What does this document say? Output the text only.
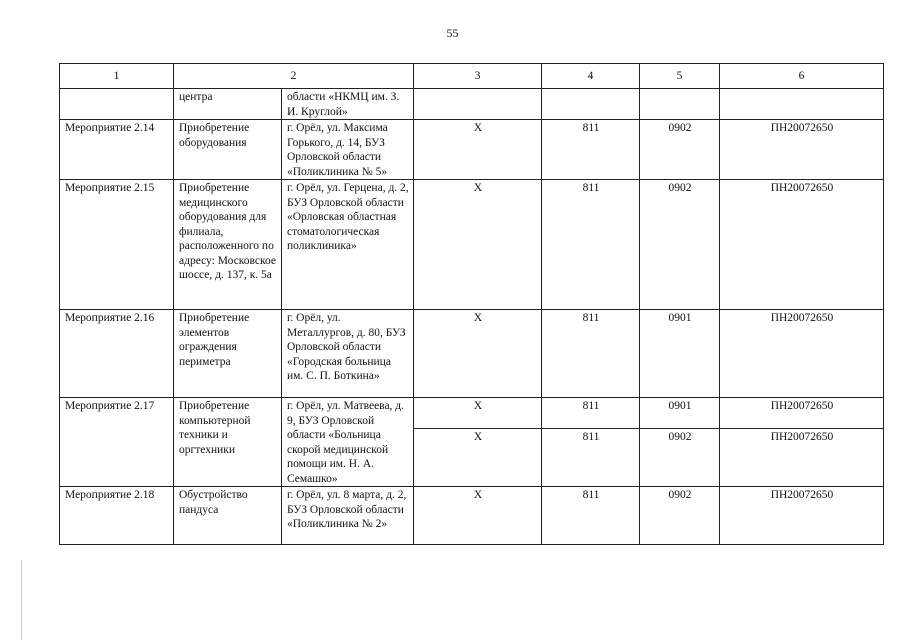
55
1	2		3	4	5	6	
	центра	области «НКМЦ им. З. И. Круглой»					
Мероприятие 2.14	Приобретение оборудования	г. Орёл, ул. Максима Горького, д. 14, БУЗ Орловской области «Поликлиника № 5»	Х	811	0902	ПН20072650	
Мероприятие 2.15	Приобретение медицинского оборудования для филиала, расположенного по адресу: Московское шоссе, д. 137, к. 5а	г. Орёл, ул. Герцена, д. 2, БУЗ Орловской области «Орловская областная стоматологическая поликлиника»	Х	811	0902	ПН20072650	
Мероприятие 2.16	Приобретение элементов ограждения периметра	г. Орёл, ул. Металлургов, д. 80, БУЗ Орловской области «Городская больница им. С. П. Боткина»	Х	811	0901	ПН20072650	
Мероприятие 2.17	Приобретение компьютерной техники и оргтехники	г. Орёл, ул. Матвеева, д. 9, БУЗ Орловской области «Больница скорой медицинской помощи им. Н. А. Семашко»	Х	811	0901	ПН20072650	
			Х	811	0902	ПН20072650	
Мероприятие 2.18	Обустройство пандуса	г. Орёл, ул. 8 марта, д. 2, БУЗ Орловской области «Поликлиника № 2»	Х	811	0902	ПН20072650	
